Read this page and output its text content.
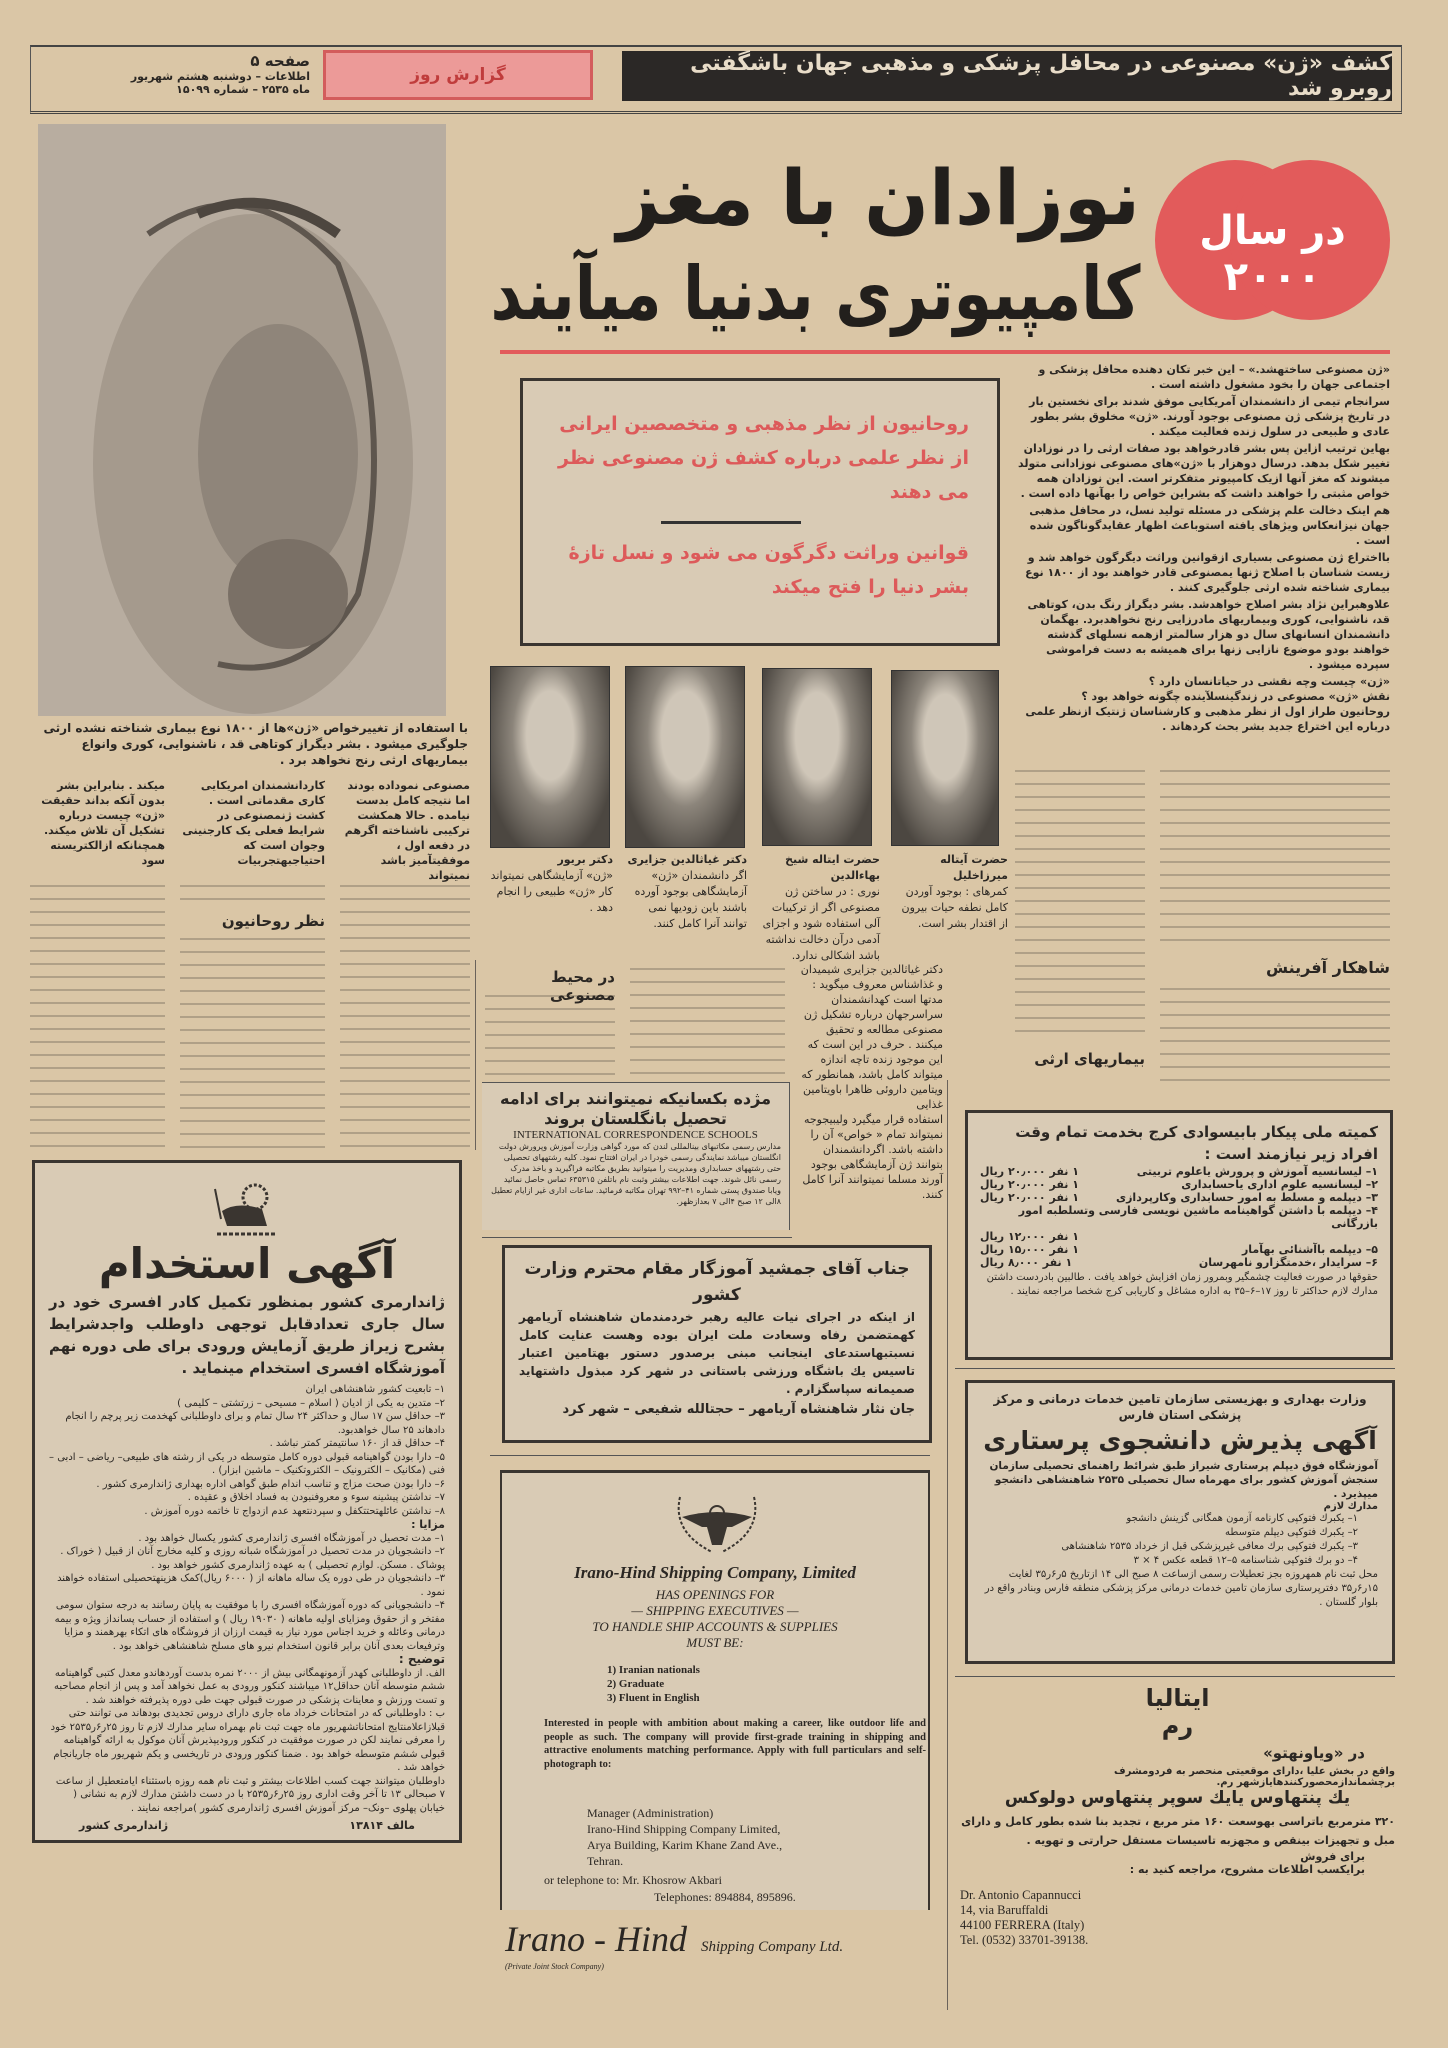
صفحه ۵
اطلاعات – دوشنبه هشتم شهریور
ماه ۲۵۳۵ – شماره ۱۵۰۹۹
گزارش روز	کشف «ژن» مصنوعی در محافل پزشکی و مذهبی جهان باشگفتی روبرو شد
با استفاده از تغییرخواص «ژن»ها از ۱۸۰۰ نوع بیماری شناخته نشده ارثی جلوگیری میشود . بشر دیگراز کوتاهی قد ، ناشنوایی، کوری وانواع بیماریهای ارثی رنج نخواهد برد .
در سال ۲۰۰۰
نوزادان با مغز
کامپیوتری بدنیا میآیند
روحانیون از نظر مذهبی و متخصصین ایرانی از نظر علمی درباره کشف ژن مصنوعی نظر می دهند
قوانین وراثت دگرگون می شود و نسل تازهٔ بشر دنیا را فتح میکند

«ژن مصنوعی ساختهشد.» – این خبر تکان دهنده محافل پزشکی و اجتماعی جهان را بخود مشغول داشته است .

سرانجام تیمی از دانشمندان آمریکایی موفق شدند برای نخستین بار در تاریخ پزشکی ژن مصنوعی بوجود آورند. «ژن» مخلوق بشر بطور عادی و طبیعی در سلول زنده فعالیت میکند .

بهاین ترتیب ازاین پس بشر قادرخواهد بود صفات ارثی را در نوزادان تغییر شکل بدهد. درسال دوهزار با «ژن»های مصنوعی نوزادانی متولد میشوند که مغز آنها ازیک کامپیوتر متفکرتر است. این نوزادان همه خواص مثبتی را خواهند داشت که بشراین خواص را بهآنها داده است .

هم اینک دخالت علم پزشکی در مسئله تولید نسل، در محافل مذهبی جهان نیزانعکاس ویژهای یافته استوباعث اظهار عقایدگوناگون شده است .

بااختراع ژن مصنوعی بسیاری ازقوانین وراثت دیگرگون خواهد شد و زیست شناسان با اصلاح ژنها یمصنوعی قادر خواهند بود از ۱۸۰۰ نوع بیماری شناخته شده ارثی جلوگیری کنند .

علاوهبراین نژاد بشر اصلاح خواهدشد. بشر دیگراز رنگ بدن، کوتاهی قد، ناشنوایی، کوری وبیماریهای مادرزایی رنج نخواهدبرد. بهگمان دانشمندان انسانهای سال دو هزار سالمتر ازهمه نسلهای گذشته خواهند بودو موضوع نازایی زنها برای همیشه به دست فراموشی سپرده میشود .

«ژن» چیست وچه نقشی در حیاتانسان دارد ؟

نقش «ژن» مصنوعی در زندگینسلآینده چگونه خواهد بود ؟

روحانیون طراز اول از نظر مذهبی و کارشناسان ژنتیک ازنظر علمی درباره این اختراع جدید بشر بحث کردهاند .

حضرت آیتاله میرزاخلیل
کمرهای : بوجود آوردن کامل نطفه حیات بیرون از اقتدار بشر است.
حضرت ایتاله شیخ بهاءالدین
نوری : در ساختن ژن مصنوعی اگر از ترکیبات آلی استفاده شود و اجزای آدمی درآن دخالت نداشته باشد اشکالی ندارد.
دکتر غیاثالدین جزایری
اگر دانشمندان «ژن» آزمایشگاهی بوجود آورده باشند باین زودیها نمی توانند آنرا کامل کنند.
دکتر بریور
«ژن» آزمایشگاهی نمیتواند کار «ژن» طبیعی را انجام دهد .
شاهکار آفرینش
بیماریهای ارثی
مصنوعی نموداده بودند اما نتیجه کامل بدست نیامده . حالا همکشت ترکیبی ناشناخته اگرهم در دفعه اول ، موفقیتآمیز باشد نمیتواند
کاردانشمندان امریکایی کاری مقدماتی است . کشت ژنمصنوعی در شرایط فعلی یک کارجنینی وجوان است که احتیاجبهتجربیات
میکند . بنابراین بشر بدون آنکه بداند حقیقت «ژن» چیست درباره تشکیل آن تلاش میکند. همچنانکه ازالکتریسته سود
نظر روحانیون
در محیط مصنوعی
دکتر غیاثالدین جزایری شیمیدان و غذاشناس معروف میگوید : مدتها است کهدانشمندان سراسرجهان درباره تشکیل ژن مصنوعی مطالعه و تحقیق میکنند . حرف در این است که این موجود زنده تاچه اندازه میتواند کامل باشد، همانطور که ویتامین داروئی ظاهرا باویتامین غذایی
استفاده قرار میگیرد ولیبیجوجه نمیتواند تمام « خواص» آن را داشته باشد. اگردانشمندان بتوانند ژن آزمایشگاهی بوجود آورند مسلما نمیتوانند آنرا کامل کنند.
مژده بکسانیکه نمیتوانند برای ادامه تحصیل بانگلستان بروند
INTERNATIONAL CORRESPONDENCE SCHOOLS
مدارس رسمی مکاتبهای بینالمللی لندن که مورد گواهی وزارت آموزش وپرورش دولت انگلستان میباشد نمایندگی رسمی خودرا در ایران افتتاح نمود. کلیه رشتههای تحصیلی حتی رشتههای حسابداری ومدیریت را میتوانید بطریق مکاتبه فراگیرید و باخذ مدرک رسمی نائل شوند. جهت اطلاعات بیشتر وثبت نام باتلفن ۶۳۵۳۱۵ تماس حاصل نمائید ویابا صندوق پستی شماره ۴۱–۹۹۲ تهران مکاتبه فرمائید. ساعات اداری غیر ازایام تعطیل ۸الی ۱۲ صبح ۴الی ۷ بعدازظهر.
کمیته ملی پیکار بابیسوادی کرج بخدمت تمام وقت افراد زیر نیازمند است :
۱– لیسانسیه آموزش و پرورش یاعلوم تربیتی
۱ نفر ۲۰٫۰۰۰ ریال
۲– لیسانسیه علوم اداری یاحسابداری
۱ نفر ۲۰٫۰۰۰ ریال
۳– دیپلمه و مسلط به امور حسابداری وکارپردازی
۱ نفر ۲۰٫۰۰۰ ریال
۴– دیپلمه با داشتن گواهینامه ماشین نویسی فارسی وتسلطبه امور بازرگانی
۱ نفر ۱۲٫۰۰۰ ریال
۵– دیپلمه باآشنائی بهآمار
۱ نفر ۱۵٫۰۰۰ ریال
۶– سرایدار ،خدمتگزارو نامهرسان
۱ نفر ۸٫۰۰۰ ریال
حقوقها در صورت فعالیت چشمگیر وبمرور زمان افزایش خواهد یافت . طالبین بادردست داشتن مدارك لازم حداکثر تا روز ۱۷–۶–۳۵ به اداره مشاغل و کاریابی کرج شخصا مراجعه نمایند .
جناب آقای جمشید آموزگار مقام محترم وزارت کشور
از اینکه در اجرای نیات عالیه رهبر خردمندمان شاهنشاه آریامهر کهمتضمن رفاه وسعادت ملت ایران بوده وهست عنایت کامل نسبتبهاستدعای اینجانب مبنی برصدور دستور بهتامین اعتبار تاسیس یك باشگاه ورزشی باستانی در شهر کرد مبذول داشتهاید صمیمانه سپاسگزارم .
جان نثار شاهنشاه آریامهر – حجتالله شفیعی – شهر کرد
Irano-Hind Shipping Company, Limited
HAS OPENINGS FOR
— SHIPPING EXECUTIVES —
TO HANDLE SHIP ACCOUNTS & SUPPLIES
MUST BE:
1) Iranian nationals
2) Graduate
3) Fluent in English
Interested in people with ambition about making a career, like outdoor life and people as such. The company will provide first-grade training in shipping and attractive enoluments matching performance. Apply with full particulars and self-photograph to:
Manager (Administration)
Irano-Hind Shipping Company Limited,
Arya Building, Karim Khane Zand Ave.,
Tehran.
or telephone to: Mr. Khosrow Akbari
Telephones: 894884, 895896.
Irano - Hind Shipping Company Ltd.
(Private Joint Stock Company)
آگهی استخدام
ژاندارمری کشور بمنظور تکمیل کادر افسری خود در سال جاری تعدادقابل توجهی داوطلب واجدشرایط بشرح زیراز طریق آزمایش ورودی برای طی دوره نهم آموزشگاه افسری استخدام مینماید .
۱– تابعیت کشور شاهنشاهی ایران
۲– متدین به یکی از ادیان ( اسلام – مسیحی – زرتشتی – کلیمی )
۳– حداقل سن ۱۷ سال و حداکثر ۲۴ سال تمام و برای داوطلبانی کهخدمت زیر پرچم را انجام دادهاند ۲۵ سال خواهدبود.
۴– حداقل قد از ۱۶۰ سانتیمتر کمتر نباشد .
۵– دارا بودن گواهینامه قبولی دوره کامل متوسطه در یکی از رشته های طبیعی– ریاضی – ادبی – فنی (مکانیک – الکترونیک – الکتروتکنیک – ماشین ابزار) .
۶– دارا بودن صحت مزاج و تناسب اندام طبق گواهی اداره بهداری ژاندارمری کشور .
۷– نداشتن پیشینه سوء و معروفنبودن به فساد اخلاق و عقیده .
۸– نداشتن عائلهتحتتکفل و سپردنتعهد عدم ازدواج تا خاتمه دوره آموزش .
مزایا :
۱– مدت تحصیل در آموزشگاه افسری ژاندارمری کشور یکسال خواهد بود .
۲– دانشجویان در مدت تحصیل در آموزشگاه شبانه روزی و کلیه مخارج آنان از قبیل ( خوراک . پوشاک . مسکن. لوازم تحصیلی ) به عهده ژاندارمری کشور خواهد بود .
۳– دانشجویان در طی دوره یک ساله ماهانه از ( ۶۰۰۰ ریال)کمک هزینهتحصیلی استفاده خواهند نمود .
۴– دانشجویانی که دوره آموزشگاه افسری را با موفقیت به پایان رسانند به درجه ستوان سومی مفتخر و از حقوق ومزایای اولیه ماهانه ( ۱۹۰۳۰ ریال ) و استفاده از حساب پسانداز ویژه و بیمه درمانی وعائله و خرید اجناس مورد نیاز به قیمت ارزان از فروشگاه های اتکاء بهرهمند و مزایا وترفیعات بعدی آنان برابر قانون استخدام نیرو های مسلح شاهنشاهی خواهد بود .
توضیح :
الف. از داوطلبانی کهدر آزمونهمگانی بیش از ۲۰۰۰ نمره بدست آوردهاندو معدل کتبی گواهینامه ششم متوسطه آنان حداقل۱۲ میباشند کنکور ورودی به عمل نخواهد آمد و پس از انجام مصاحبه و تست ورزش و معاینات پزشکی در صورت قبولی جهت طی دوره پذیرفته خواهند شد .
ب : داوطلبانی که در امتحانات خرداد ماه جاری دارای دروس تجدیدی بودهاند می توانند حتی قبلازاعلامنتایج امتحاناتشهریور ماه جهت ثبت نام بهمراه سایر مدارك لازم تا روز ۲۵ر۶ر۲۵۳۵ خود را معرفی نمایند لکن در صورت موفقیت در کنکور ورودیپذیرش آنان موکول به ارائه گواهینامه قبولی ششم متوسطه خواهد بود . ضمنا کنکور ورودی در تاریخسی و یکم شهریور ماه جاریانجام خواهد شد .
داوطلبان میتوانند جهت کسب اطلاعات بیشتر و ثبت نام همه روزه باستثناء ایامتعطیل از ساعت ۷ صبحالی ۱۳ تا آخر وقت اداری روز ۲۵ر۶ر۲۵۳۵ با در دست داشتن مدارك لازم به نشانی ( خیابان پهلوی –ونک– مرکز آموزش افسری ژاندارمری کشور )مراجعه نمایند .
مالف ۱۳۸۱۴
ژاندارمری کشور
وزارت بهداری و بهزیستی سازمان تامین خدمات درمانی و مرکز پزشکی استان فارس
آگهی پذیرش دانشجوی پرستاری
آموزشگاه فوق دیپلم پرستاری شیراز طبق شرائط راهنمای تحصیلی سازمان سنجش آموزش کشور برای مهرماه سال تحصیلی ۲۵۳۵ شاهنشاهی دانشجو میپذیرد .
مدارك لازم
۱– یکبرك فتوکپی کارنامه آزمون همگانی گزینش دانشجو
۲– یکبرك فتوکپی دیپلم متوسطه
۳– یکبرك فتوکپی برك معافی غیرپزشکی قبل از خرداد ۲۵۳۵ شاهنشاهی
۴– دو برك فتوکپی شناسنامه ۵–۱۲ قطعه عکس ۴ × ۳
محل ثبت نام همهروزه بجز تعطیلات رسمی ازساعت ۸ صبح الی ۱۴ ازتاریخ ۵ر۶ر۳۵ لغایت ۱۵ر۶ر۳۵ دفترپرستاری سازمان تامین خدمات درمانی مرکز پزشکی منطقه فارس وبنادر واقع در بلوار گلستان .
ایتالیا
رم
در «ویاونهتو»
واقع در بخش علیا ،دارای موقعیتی منحصر به فردومشرف برچشماندازمحصورکنندهایازشهر رم.
یك پنتهاوس یایك سوپر پنتهاوس دولوکس
۳۲۰ مترمربع باتراسی بهوسعت ۱۶۰ متر مربع ، تجدید بنا شده بطور کامل و دارای مبل و تجهیزات بینقص و مجهزبه تاسیسات مستقل حرارتی و تهویه .
برای فروش
برایکسب اطلاعات مشروح، مراجعه کنید به :
Dr. Antonio Capannucci
14, via Baruffaldi
44100 FERRERA (Italy)
Tel. (0532) 33701-39138.
